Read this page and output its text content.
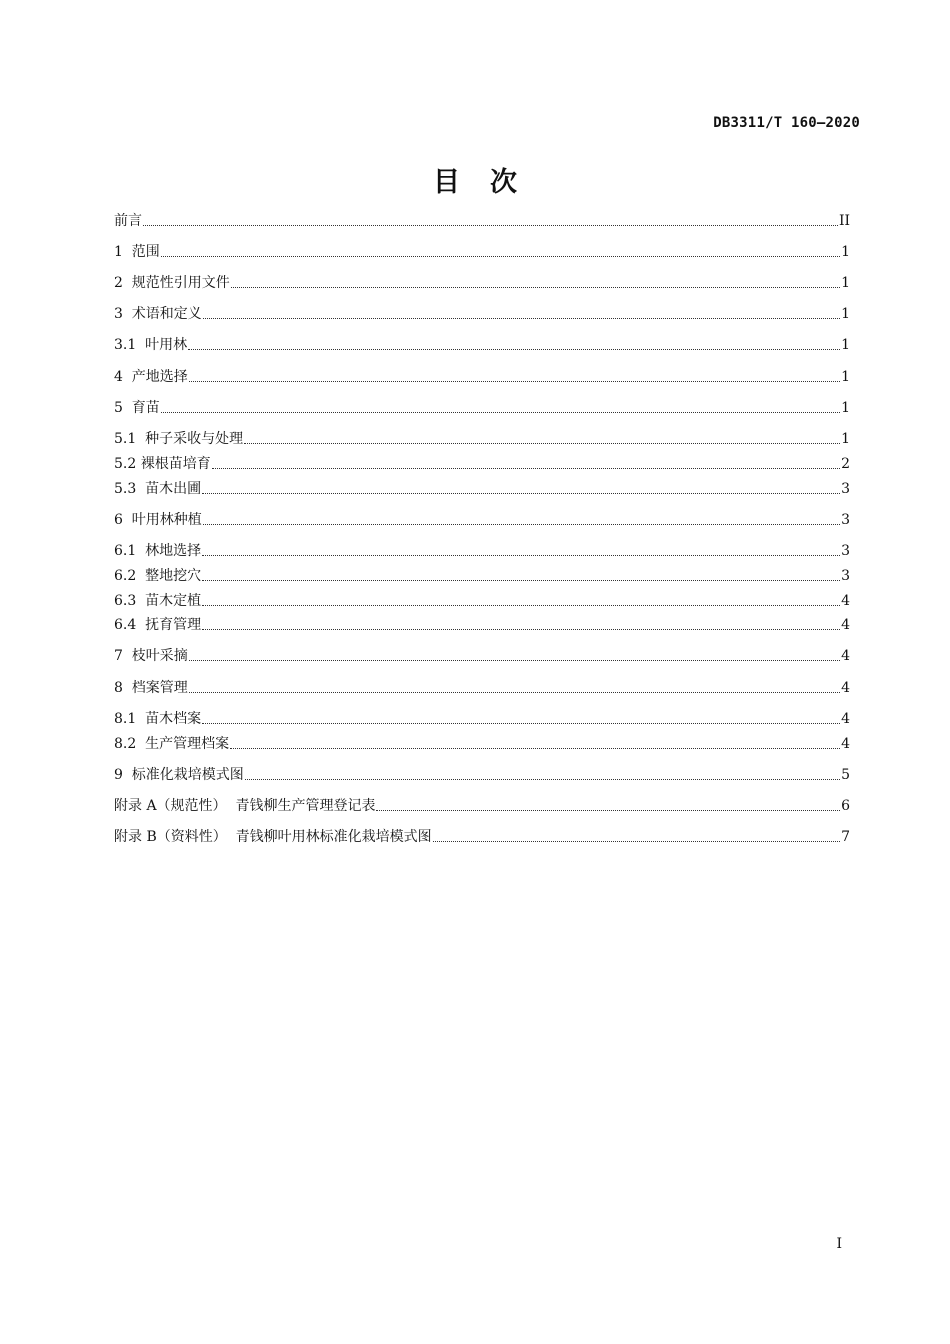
DB3311/T 160—2020
目次
前言	II
1  范围	1
2  规范性引用文件	1
3  术语和定义	1
3.1  叶用林	1
4  产地选择	1
5  育苗	1
5.1  种子采收与处理	1
5.2 裸根苗培育	2
5.3  苗木出圃	3
6  叶用林种植	3
6.1  林地选择	3
6.2  整地挖穴	3
6.3  苗木定植	4
6.4  抚育管理	4
7  枝叶采摘	4
8  档案管理	4
8.1  苗木档案	4
8.2  生产管理档案	4
9  标准化栽培模式图	5
附录 A（规范性）  青钱柳生产管理登记表	6
附录 B（资料性）  青钱柳叶用林标准化栽培模式图	7
I
